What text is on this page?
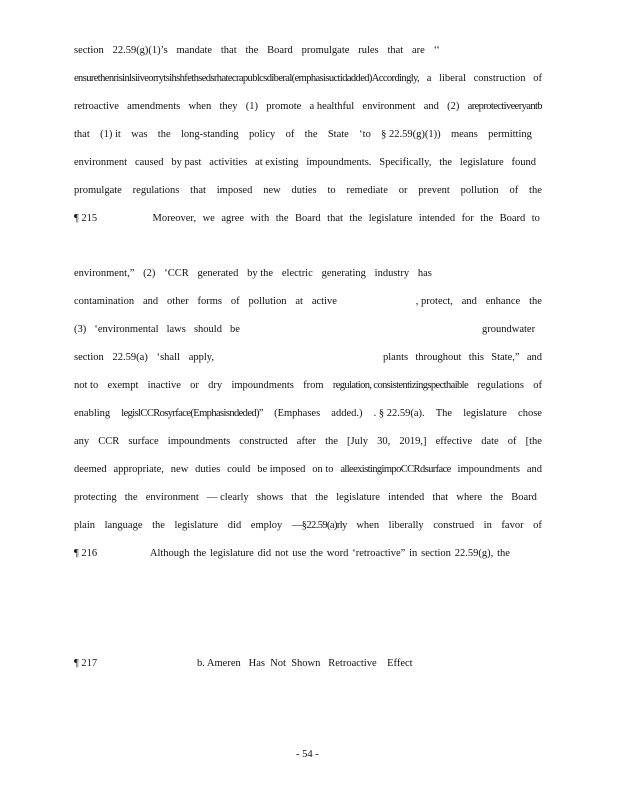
section 22.59(g)(1)’s mandate that the Board promulgate rules that are ‘‘
ensurethenrisinlsiiveorrytsihshfethsedsrhatecrapublcsdiberal(emphasisuctidadded)Accordingly, a liberal construction of
retroactive amendments when they (1) promote a healthful environment and (2) areprotectiveeryantb
that (1) it was the long-standing policy of the State ‘to § 22.59(g)(1)) means permitting
environment caused by past activities at existing impoundments. Specifically, the legislature found
promulgate regulations that imposed new duties to remediate or prevent pollution of the
¶ 215	Moreover, we agree with the Board that the legislature intended for the Board to
environment,” (2) ‘CCR generated by the electric generating industry has
contamination and other forms of pollution at active	, protect, and enhance the
(3) ‘environmental laws should be	groundwater
section 22.59(a) ‘shall apply,	plants throughout this State,” and
not to exempt inactive or dry impoundments from regulation, consistentizingspecthaible regulations of
enabling legislCCRosyrface(Emphasisndeded)” (Emphases added.) . § 22.59(a). The legislature chose
any CCR surface impoundments constructed after the [July 30, 2019,] effective date of [the
deemed appropriate, new duties could be imposed on to alleexistingimpoCCRdsurface impoundments and
protecting the environment — clearly shows that the legislature intended that where the Board
plain language the legislature did employ —§22.59(a)rly when liberally construed in favor of
¶ 216	Although the legislature did not use the word ‘retroactive” in section 22.59(g), the
¶ 217	b. Ameren   Has  Not  Shown   Retroactive    Effect
- 54 -
